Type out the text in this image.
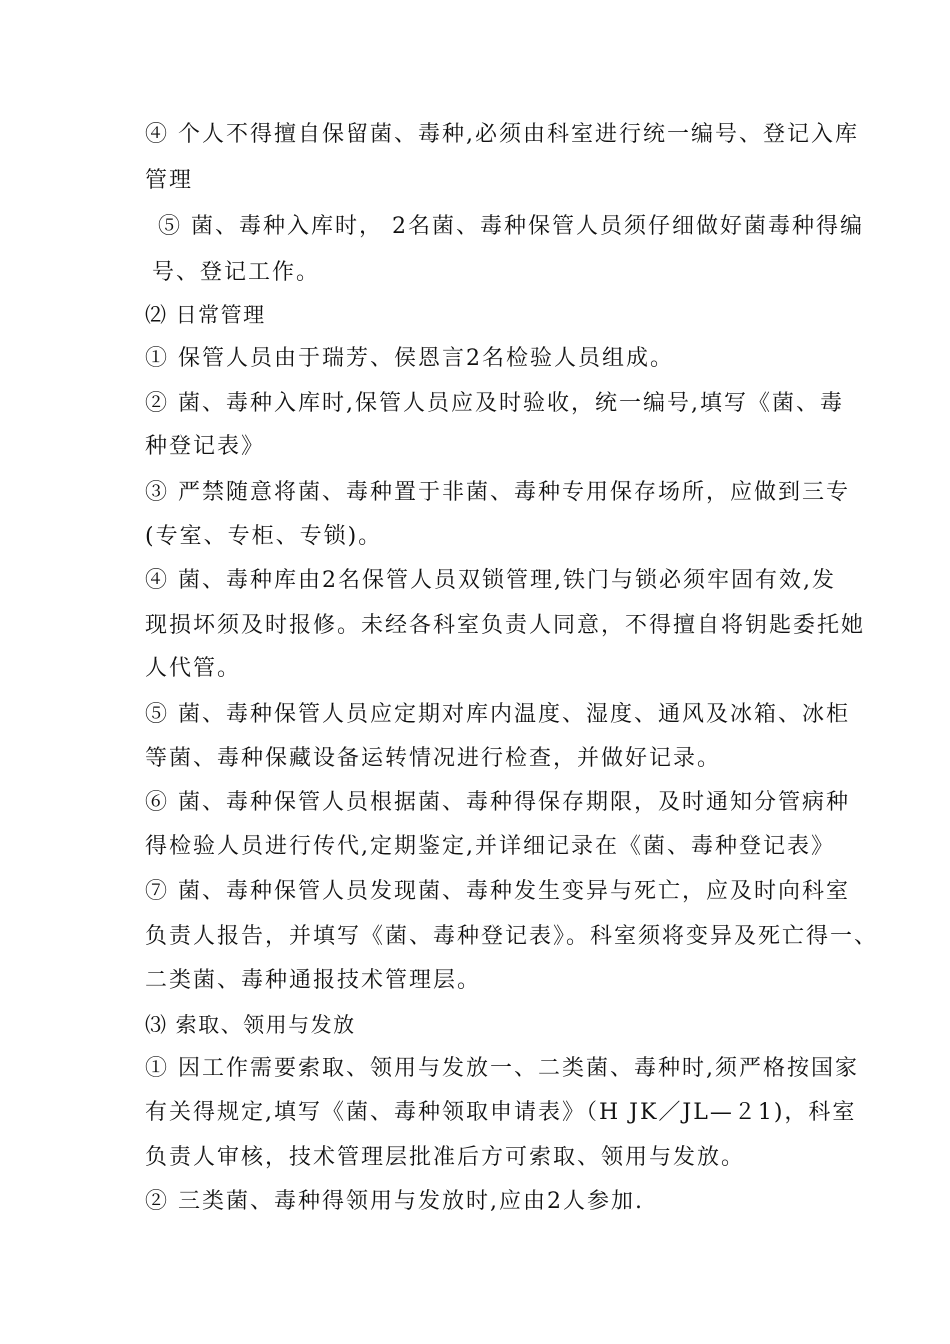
④ 个人不得擅自保留菌、毒种,必须由科室进行统一编号、登记入库
管理
⑤ 菌、毒种入库时， 2名菌、毒种保管人员须仔细做好菌毒种得编
号、登记工作。
⑵ 日常管理
① 保管人员由于瑞芳、侯恩言2名检验人员组成。
② 菌、毒种入库时,保管人员应及时验收，统一编号,填写《菌、毒
种登记表》
③ 严禁随意将菌、毒种置于非菌、毒种专用保存场所，应做到三专
(专室、专柜、专锁)。
④ 菌、毒种库由2名保管人员双锁管理,铁门与锁必须牢固有效,发
现损坏须及时报修。未经各科室负责人同意，不得擅自将钥匙委托她
人代管。
⑤ 菌、毒种保管人员应定期对库内温度、湿度、通风及冰箱、冰柜
等菌、毒种保藏设备运转情况进行检查，并做好记录。
⑥ 菌、毒种保管人员根据菌、毒种得保存期限，及时通知分管病种
得检验人员进行传代,定期鉴定,并详细记录在《菌、毒种登记表》
⑦ 菌、毒种保管人员发现菌、毒种发生变异与死亡，应及时向科室
负责人报告，并填写《菌、毒种登记表》。科室须将变异及死亡得一、
二类菌、毒种通报技术管理层。
⑶ 索取、领用与发放
① 因工作需要索取、领用与发放一、二类菌、毒种时,须严格按国家
有关得规定,填写《菌、毒种领取申请表》（H JK／JL—２1)，科室
负责人审核，技术管理层批准后方可索取、领用与发放。
② 三类菌、毒种得领用与发放时,应由2人参加.
